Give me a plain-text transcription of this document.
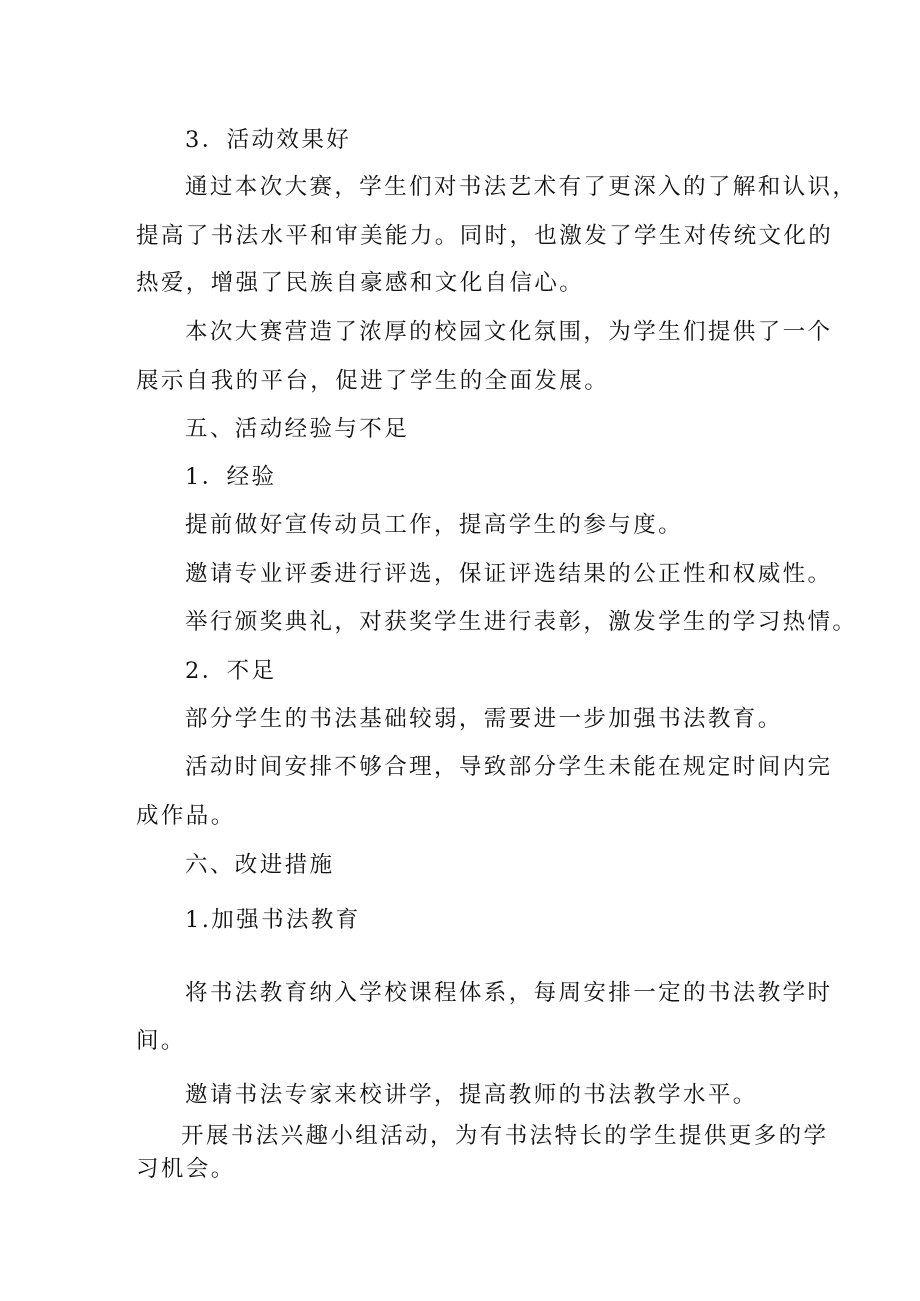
3．活动效果好
通过本次大赛，学生们对书法艺术有了更深入的了解和认识，
提高了书法水平和审美能力。同时，也激发了学生对传统文化的
热爱，增强了民族自豪感和文化自信心。
本次大赛营造了浓厚的校园文化氛围，为学生们提供了一个
展示自我的平台，促进了学生的全面发展。
五、活动经验与不足
1．经验
提前做好宣传动员工作，提高学生的参与度。
邀请专业评委进行评选，保证评选结果的公正性和权威性。
举行颁奖典礼，对获奖学生进行表彰，激发学生的学习热情。
2．不足
部分学生的书法基础较弱，需要进一步加强书法教育。
活动时间安排不够合理，导致部分学生未能在规定时间内完
成作品。
六、改进措施
1.加强书法教育
将书法教育纳入学校课程体系，每周安排一定的书法教学时
间。
邀请书法专家来校讲学，提高教师的书法教学水平。
开展书法兴趣小组活动，为有书法特长的学生提供更多的学
习机会。
